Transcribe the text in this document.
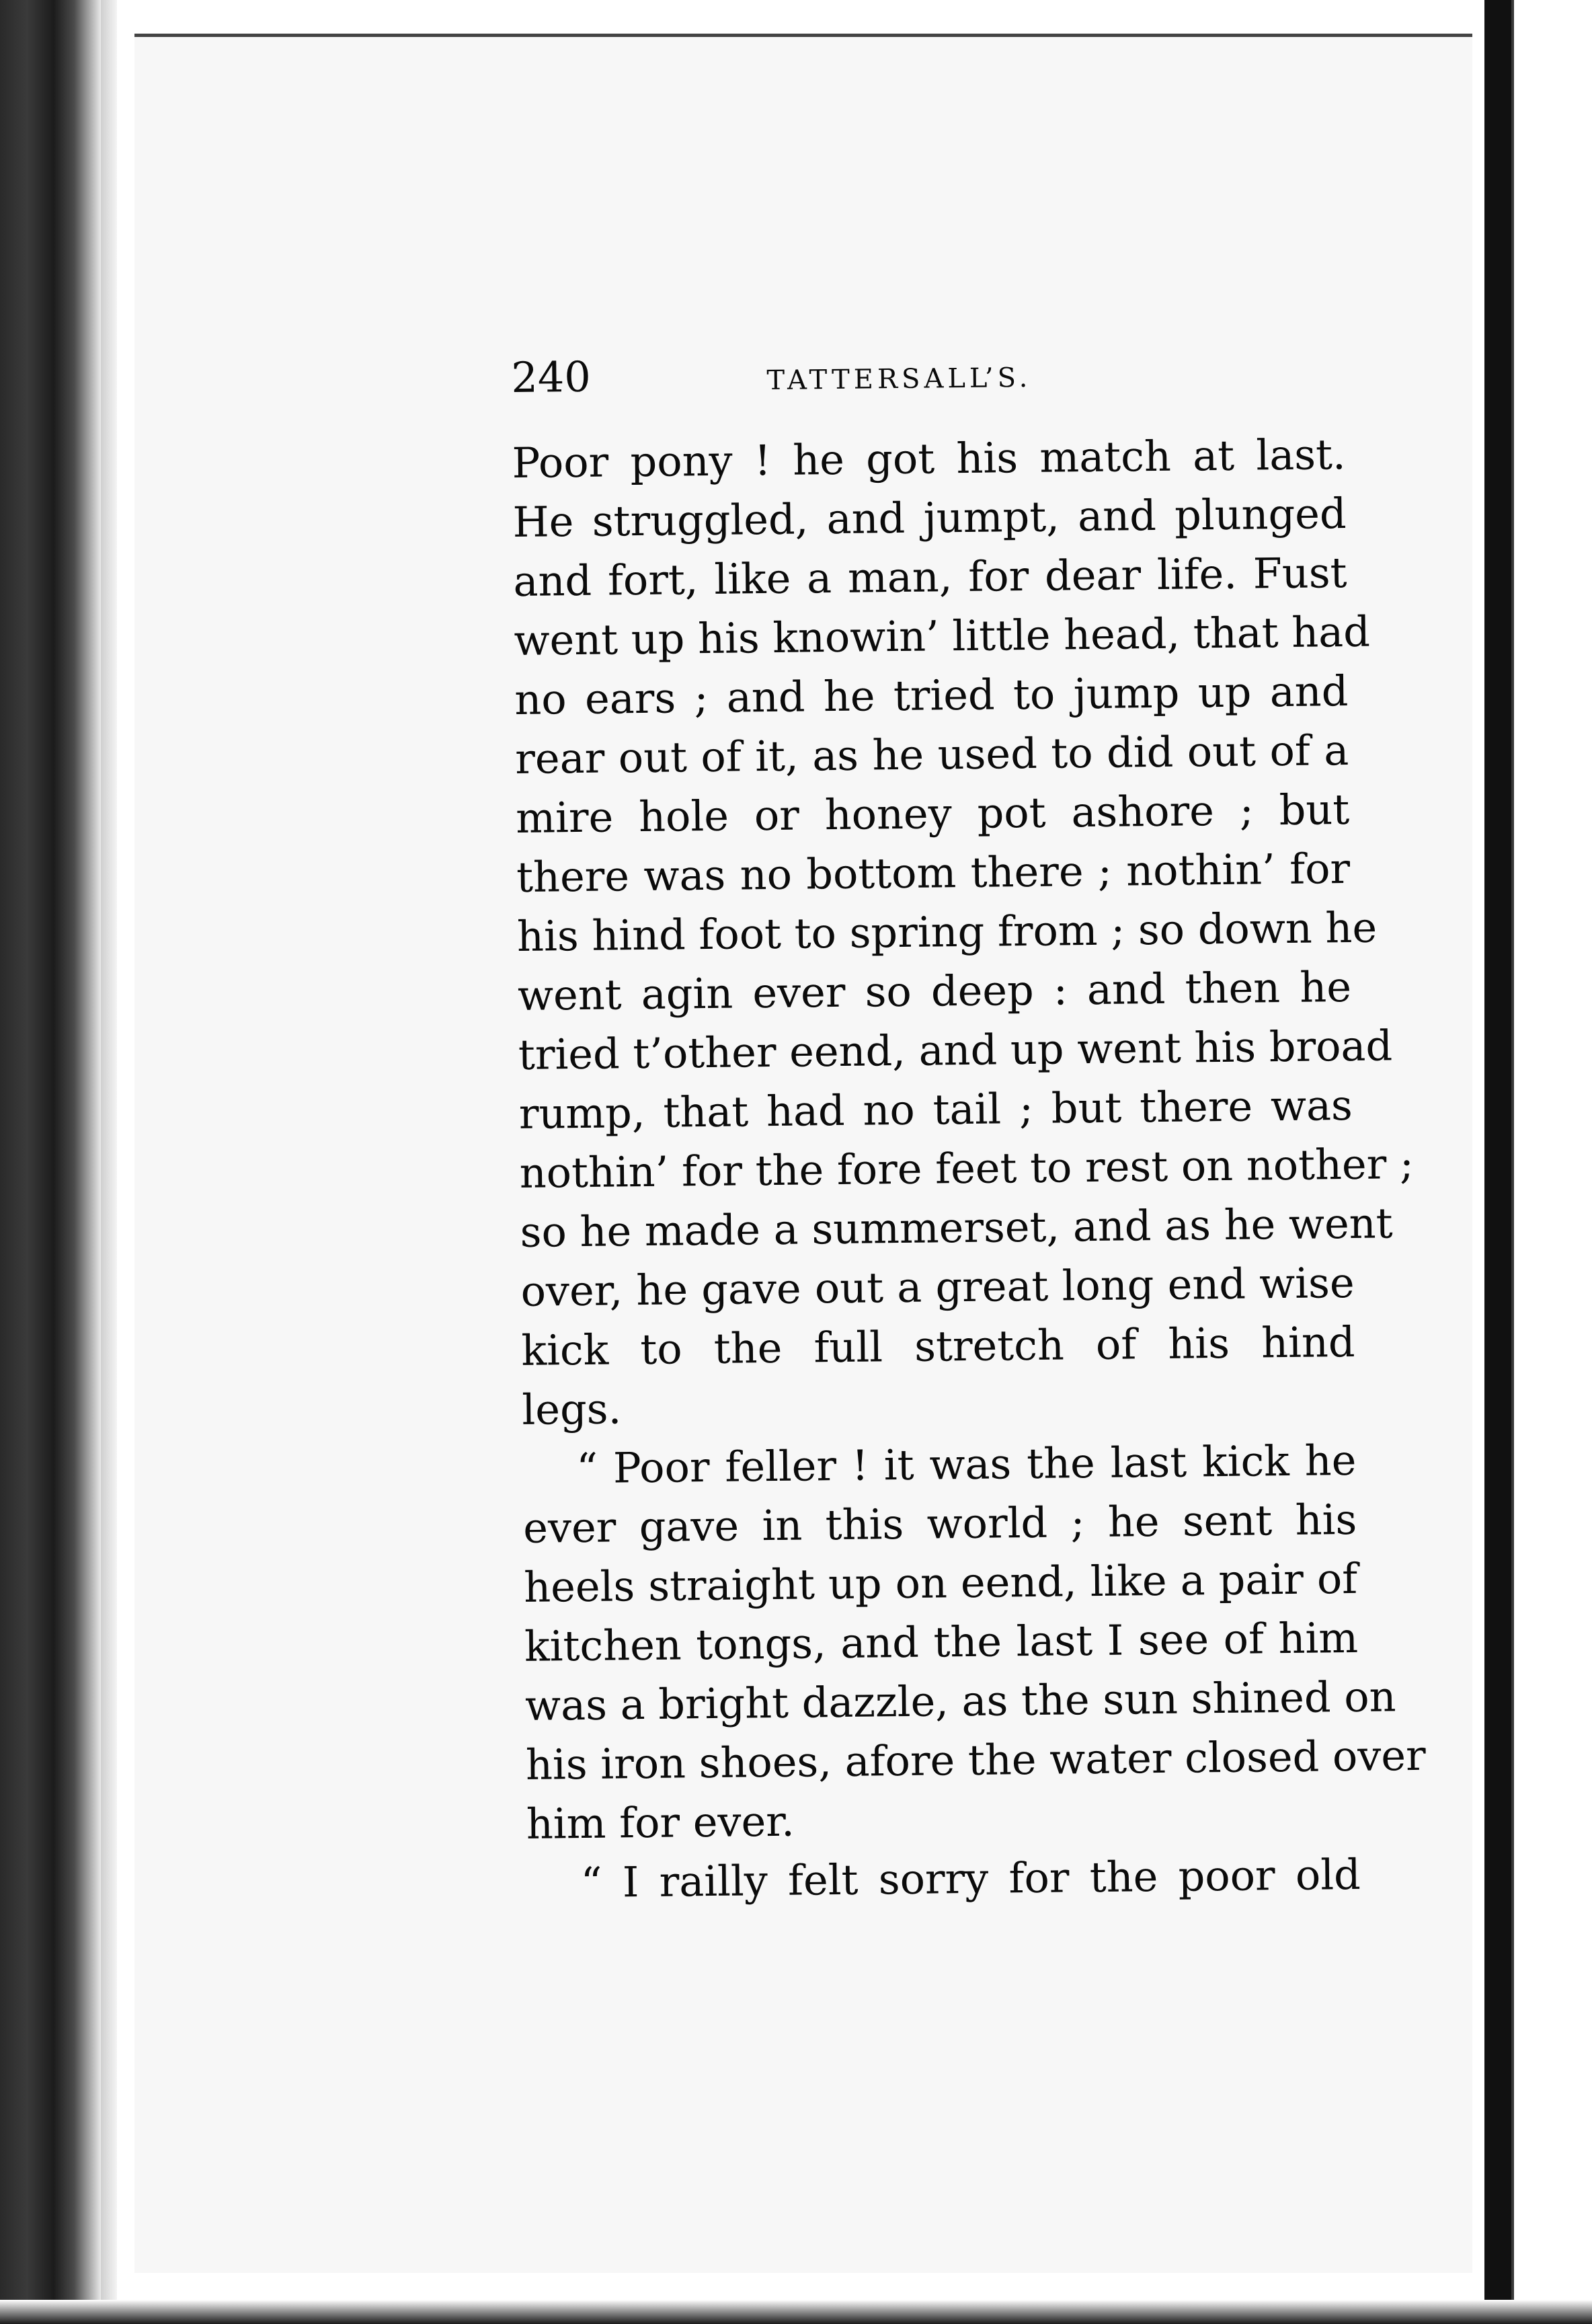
240	TATTERSALL’S.
Poor pony ! he got his match at last.
He struggled, and jumpt, and plunged
and fort, like a man, for dear life. Fust
went up his knowin’ little head, that had
no ears ; and he tried to jump up and
rear out of it, as he used to did out of a
mire hole or honey pot ashore ; but
there was no bottom there ; nothin’ for
his hind foot to spring from ; so down he
went agin ever so deep : and then he
tried t’other eend, and up went his broad
rump, that had no tail ; but there was
nothin’ for the fore feet to rest on nother ;
so he made a summerset, and as he went
over, he gave out a great long end wise
kick to the full stretch of his hind
legs.
“ Poor feller ! it was the last kick he
ever gave in this world ; he sent his
heels straight up on eend, like a pair of
kitchen tongs, and the last I see of him
was a bright dazzle, as the sun shined on
his iron shoes, afore the water closed over
him for ever.
“ I railly felt sorry for the poor old
